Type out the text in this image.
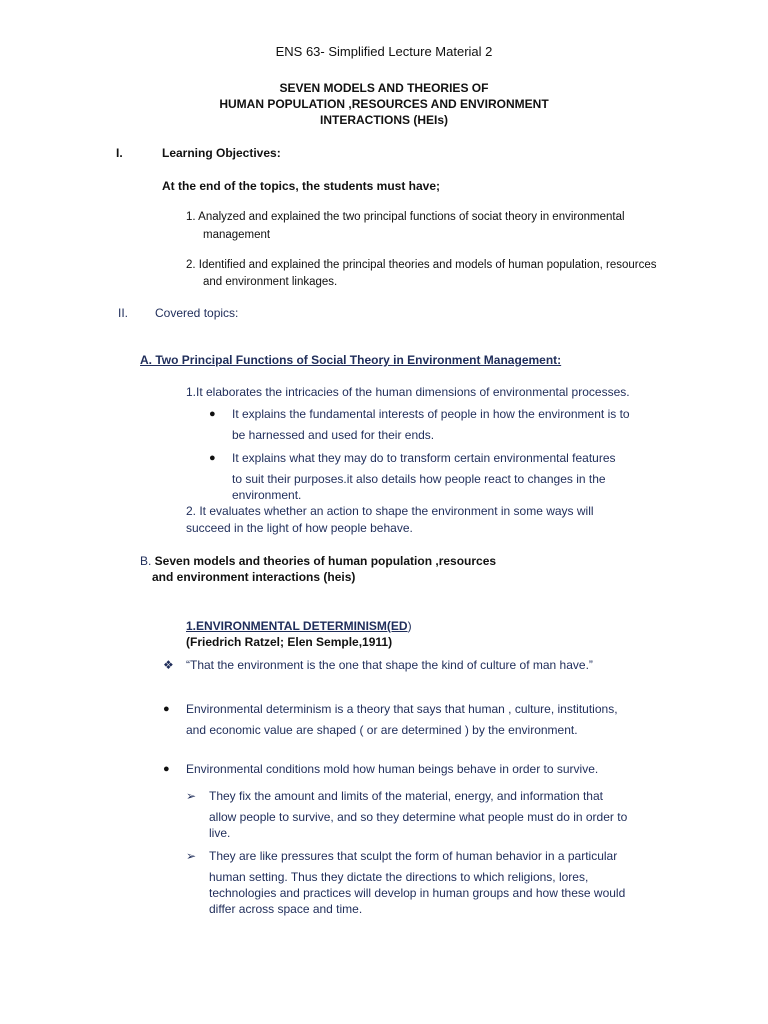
ENS 63- Simplified Lecture Material 2
SEVEN MODELS AND THEORIES OF
HUMAN POPULATION ,RESOURCES AND ENVIRONMENT
INTERACTIONS (HEIs)
I.	Learning Objectives:
At the end of the topics, the students must have;
1. Analyzed and explained the two principal functions of sociat theory in environmental
management
2. Identified and explained the principal theories and models of human population, resources
and environment linkages.
II. Covered topics:
A. Two Principal Functions of Social Theory in Environment Management:
1.It elaborates the intricacies of the human dimensions of environmental processes.
● It explains the fundamental interests of people in how the environment is to
be harnessed and used for their ends.
● It explains what they may do to transform certain environmental features
to suit their purposes.it also details how people react to changes in the
environment.
2. It evaluates whether an action to shape the environment in some ways will
succeed in the light of how people behave.
B. Seven models and theories of human population ,resources
and environment interactions (heis)
1.ENVIRONMENTAL DETERMINISM(ED)
(Friedrich Ratzel; Elen Semple,1911)
❖ “That the environment is the one that shape the kind of culture of man have.”
● Environmental determinism is a theory that says that human , culture, institutions,
and economic value are shaped ( or are determined ) by the environment.
● Environmental conditions mold how human beings behave in order to survive.
➢ They fix the amount and limits of the material, energy, and information that
allow people to survive, and so they determine what people must do in order to
live.
➢ They are like pressures that sculpt the form of human behavior in a particular
human setting. Thus they dictate the directions to which religions, lores,
technologies and practices will develop in human groups and how these would
differ across space and time.
